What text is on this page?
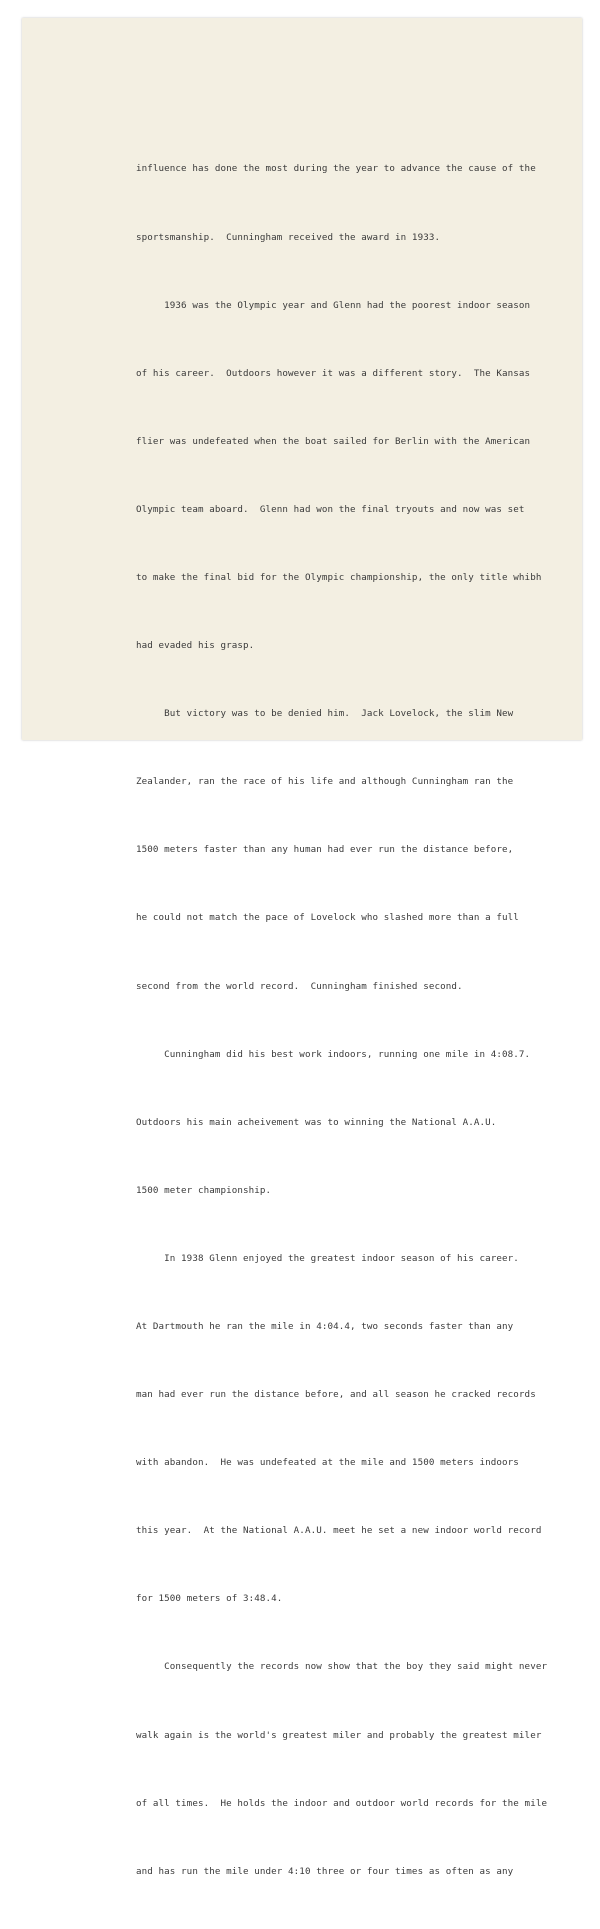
influence has done the most during the year to advance the cause of the

sportsmanship.  Cunningham received the award in 1933.

1936 was the Olympic year and Glenn had the poorest indoor season

of his career.  Outdoors however it was a different story.  The Kansas

flier was undefeated when the boat sailed for Berlin with the American

Olympic team aboard.  Glenn had won the final tryouts and now was set

to make the final bid for the Olympic championship, the only title whibh

had evaded his grasp.

But victory was to be denied him.  Jack Lovelock, the slim New

Zealander, ran the race of his life and although Cunningham ran the

1500 meters faster than any human had ever run the distance before,

he could not match the pace of Lovelock who slashed more than a full

second from the world record.  Cunningham finished second.

Cunningham did his best work indoors, running one mile in 4:08.7.

Outdoors his main acheivement was to winning the National A.A.U.

1500 meter championship.

In 1938 Glenn enjoyed the greatest indoor season of his career.

At Dartmouth he ran the mile in 4:04.4, two seconds faster than any

man had ever run the distance before, and all season he cracked records

with abandon.  He was undefeated at the mile and 1500 meters indoors

this year.  At the National A.A.U. meet he set a new indoor world record

for 1500 meters of 3:48.4.

Consequently the records now show that the boy they said might never

walk again is the world's greatest miler and probably the greatest miler

of all times.  He holds the indoor and outdoor world records for the mile

and has run the mile under 4:10 three or four times as often as any
